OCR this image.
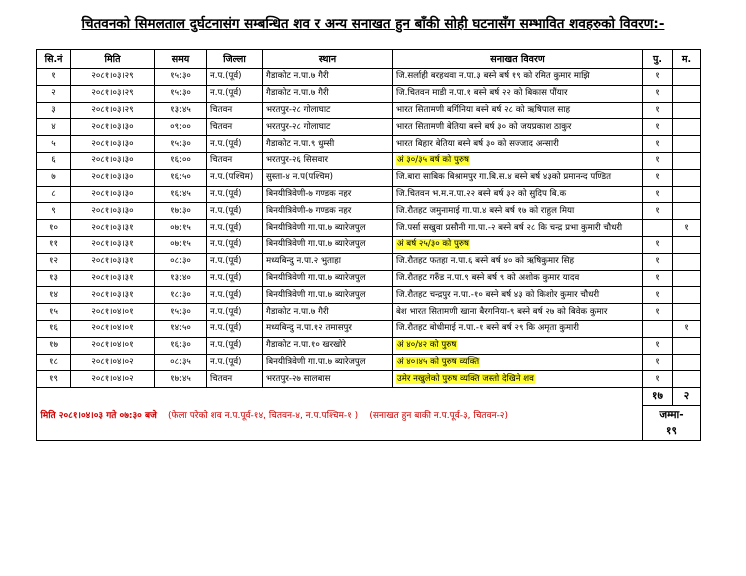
चितवनको सिमलताल दुर्घटनासंग सम्बन्धित शव र अन्य सनाखत हुन बाँकी सोही घटनासँग सम्भावित शवहरुको विवरण:-
सि.नं	मिति	समय	जिल्ला	स्थान	सनाखत विवरण	पु.	म.
१	२०८१।०३।२९	१५:३०	न.प.(पूर्व)	गैडाकोट न.पा.७ गैरी	जि.सर्लाही बरहथवा न.पा.३ बस्ने बर्ष १९ को रमित कुमार माझि	१	
२	२०८१।०३।२९	१५:३०	न.प.(पूर्व)	गैडाकोट न.पा.७ गैरी	जि.चितवन माडी न.पा.१ बस्ने बर्ष २२ को बिकास पौंयार	१	
३	२०८१।०३।२९	१३:४५	चितवन	भरतपुर-२८ गोलाघाट	भारत सितामणी बर्गिनिया बस्ने बर्ष २८ को ऋषिपाल साह	१	
४	२०८१।०३।३०	०९:००	चितवन	भरतपुर-२८ गोलाघाट	भारत सितामणी बेतिया बस्ने बर्ष ३० को जयप्रकाश ठाकुर	१	
५	२०८१।०३।३०	१५:३०	न.प.(पूर्व)	गैडाकोट न.पा.९ धुम्सी	भारत बिहार बेतिया बस्ने बर्ष ३० को सज्जाद अन्सारी	१	
६	२०८१।०३।३०	१६:००	चितवन	भरतपुर-२६ सिसवार	अं ३०/३५ बर्ष को पुरुष	१	
७	२०८१।०३।३०	१६:५०	न.प.(पश्चिम)	सुस्ता-४ न.प(पश्चिम)	जि.बारा साबिक बिश्रामपुर गा.बि.स.४ बस्ने बर्ष ४३को प्रमानन्द पण्डित	१	
८	२०८१।०३।३०	१६:४५	न.प.(पूर्व)	बिनयीत्रिवेणी-७ गण्डक नहर	जि.चितवन भ.म.न.पा.२२ बस्ने बर्ष ३२ को सुदिप बि.क	१	
९	२०८१।०३।३०	१७:३०	न.प.(पूर्व)	बिनयीत्रिवेणी-७ गण्डक नहर	जि.रौतहट जमुनामाई गा.पा.४ बस्ने बर्ष १७ को राहुल मिया	१	
१०	२०८१।०३।३१	०७:१५	न.प.(पूर्व)	बिनयीत्रिवेणी गा.पा.७ ब्यारेजपुल	जि.पर्सा सखुवा प्रसौनी गा.पा.-२ बस्ने बर्ष २८ कि चन्द्र प्रभा कुमारी चौधरी		१
११	२०८१।०३।३१	०७:१५	न.प.(पूर्व)	बिनयीत्रिवेणी गा.पा.७ ब्यारेजपुल	अं बर्ष २५/३० को पुरुष	१	
१२	२०८१।०३।३१	०८:३०	न.प.(पूर्व)	मध्यबिन्दु न.पा.२ भुताहा	जि.रौतहट फतहा न.पा.६ बस्ने बर्ष ४० को ऋषिकुमार सिह	१	
१३	२०८१।०३।३१	१३:४०	न.प.(पूर्व)	बिनयीत्रिवेणी गा.पा.७ ब्यारेजपुल	जि.रौतहट गरुँड न.पा.९ बस्ने बर्ष ९ को अशोक कुमार यादव	१	
१४	२०८१।०३।३१	१८:३०	न.प.(पूर्व)	बिनयीत्रिवेणी गा.पा.७ ब्यारेजपुल	जि.रौतहट चन्द्रपुर न.पा.-१० बस्ने बर्ष ४३ को किशोर कुमार चौधरी	१	
१५	२०८१।०४।०१	१५:३०	न.प.(पूर्व)	गैडाकोट न.पा.७ गैरी	बेश भारत सितामणी खाना बैरगनिया-९ बस्ने बर्ष २७ को बिवेक कुमार	१	
१६	२०८१।०४।०१	१४:५०	न.प.(पूर्व)	मध्यबिन्दु न.पा.१२ तमासपुर	जि.रौतहट बोधीमाई न.पा.-१ बस्ने बर्ष २९ कि अमृता कुमारी		१
१७	२०८१।०४।०१	१६:३०	न.प.(पूर्व)	गैडाकोट न.पा.१० खरखोरे	अं ४०/४२ को पुरुष	१	
१८	२०८१।०४।०२	०८:३५	न.प.(पूर्व)	बिनयीत्रिवेणी गा.पा.७ ब्यारेजपुल	अं ४०।४५ को पुरुष व्यक्ति	१	
१९	२०८१।०४।०२	१७:४५	चितवन	भरतपुर-२७ सालबास	उमेर नखुलेको पुरुष व्यक्ति जस्तो देखिने शव	१	
						१७	२
						जम्मा-
१९	
मिति २०८१।०४।०३ गते ०७:३० बजे (फेला परेको शव न.प.पूर्व-१४, चितवन-४, न.प.पश्चिम-१ ) (सनाखत हुन बाकी न.प.पूर्व-३, चितवन-२)
